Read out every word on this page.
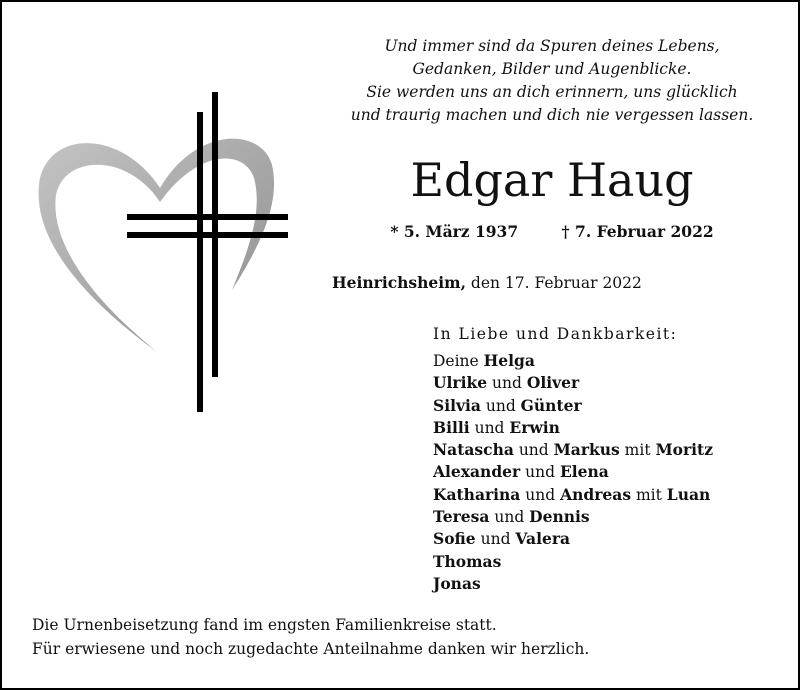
Und immer sind da Spuren deines Lebens,
Gedanken, Bilder und Augenblicke.
Sie werden uns an dich erinnern, uns glücklich
und traurig machen und dich nie vergessen lassen.
Edgar Haug
* 5. März 1937	† 7. Februar 2022
Heinrichsheim, den 17. Februar 2022
In Liebe und Dankbarkeit:
Deine Helga
Ulrike und Oliver
Silvia und Günter
Billi und Erwin
Natascha und Markus mit Moritz
Alexander und Elena
Katharina und Andreas mit Luan
Teresa und Dennis
Sofie und Valera
Thomas
Jonas
Die Urnenbeisetzung fand im engsten Familienkreise statt.
Für erwiesene und noch zugedachte Anteilnahme danken wir herzlich.
